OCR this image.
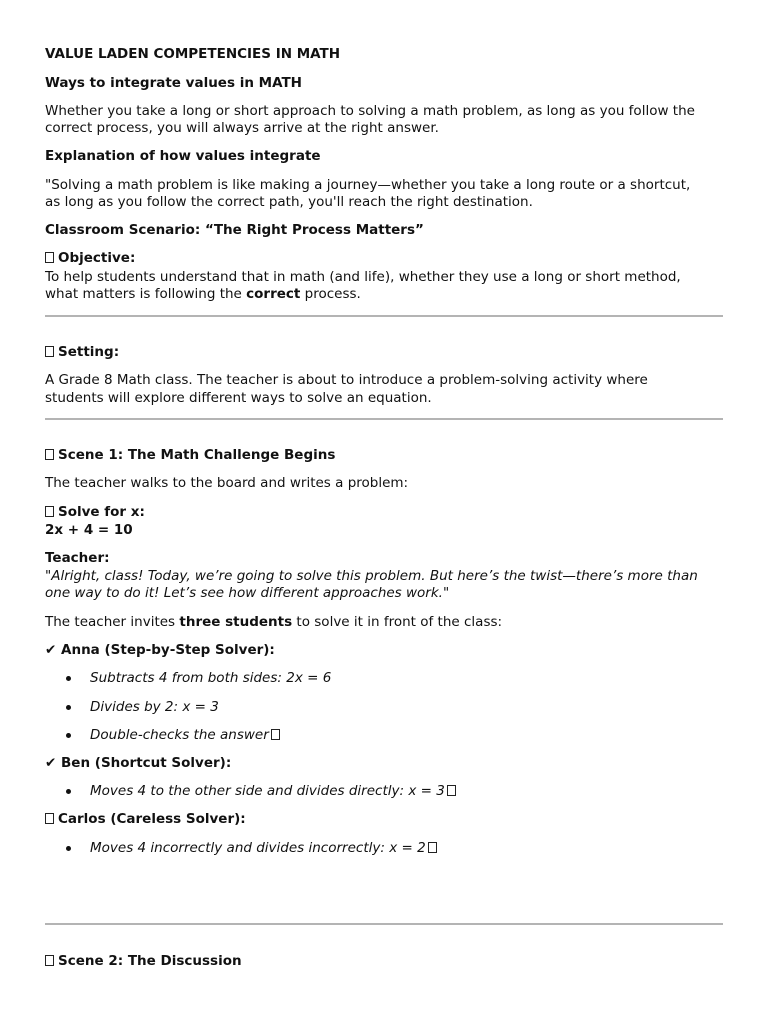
VALUE LADEN COMPETENCIES IN MATH
Ways to integrate values in MATH
Whether you take a long or short approach to solving a math problem, as long as you follow the
correct process, you will always arrive at the right answer.
Explanation of how values integrate
"Solving a math problem is like making a journey—whether you take a long route or a shortcut,
as long as you follow the correct path, you'll reach the right destination.
Classroom Scenario: “The Right Process Matters”
Objective:
To help students understand that in math (and life), whether they use a long or short method,
what matters is following the correct process.
Setting:
A Grade 8 Math class. The teacher is about to introduce a problem-solving activity where
students will explore different ways to solve an equation.
Scene 1: The Math Challenge Begins
The teacher walks to the board and writes a problem:
Solve for x:
2x + 4 = 10
Teacher:
"Alright, class! Today, we’re going to solve this problem. But here’s the twist—there’s more than
one way to do it! Let’s see how different approaches work."
The teacher invites three students to solve it in front of the class:
✔ Anna (Step-by-Step Solver):
Subtracts 4 from both sides: 2x = 6
Divides by 2: x = 3
Double-checks the answer
✔ Ben (Shortcut Solver):
Moves 4 to the other side and divides directly: x = 3
Carlos (Careless Solver):
Moves 4 incorrectly and divides incorrectly: x = 2
Scene 2: The Discussion
